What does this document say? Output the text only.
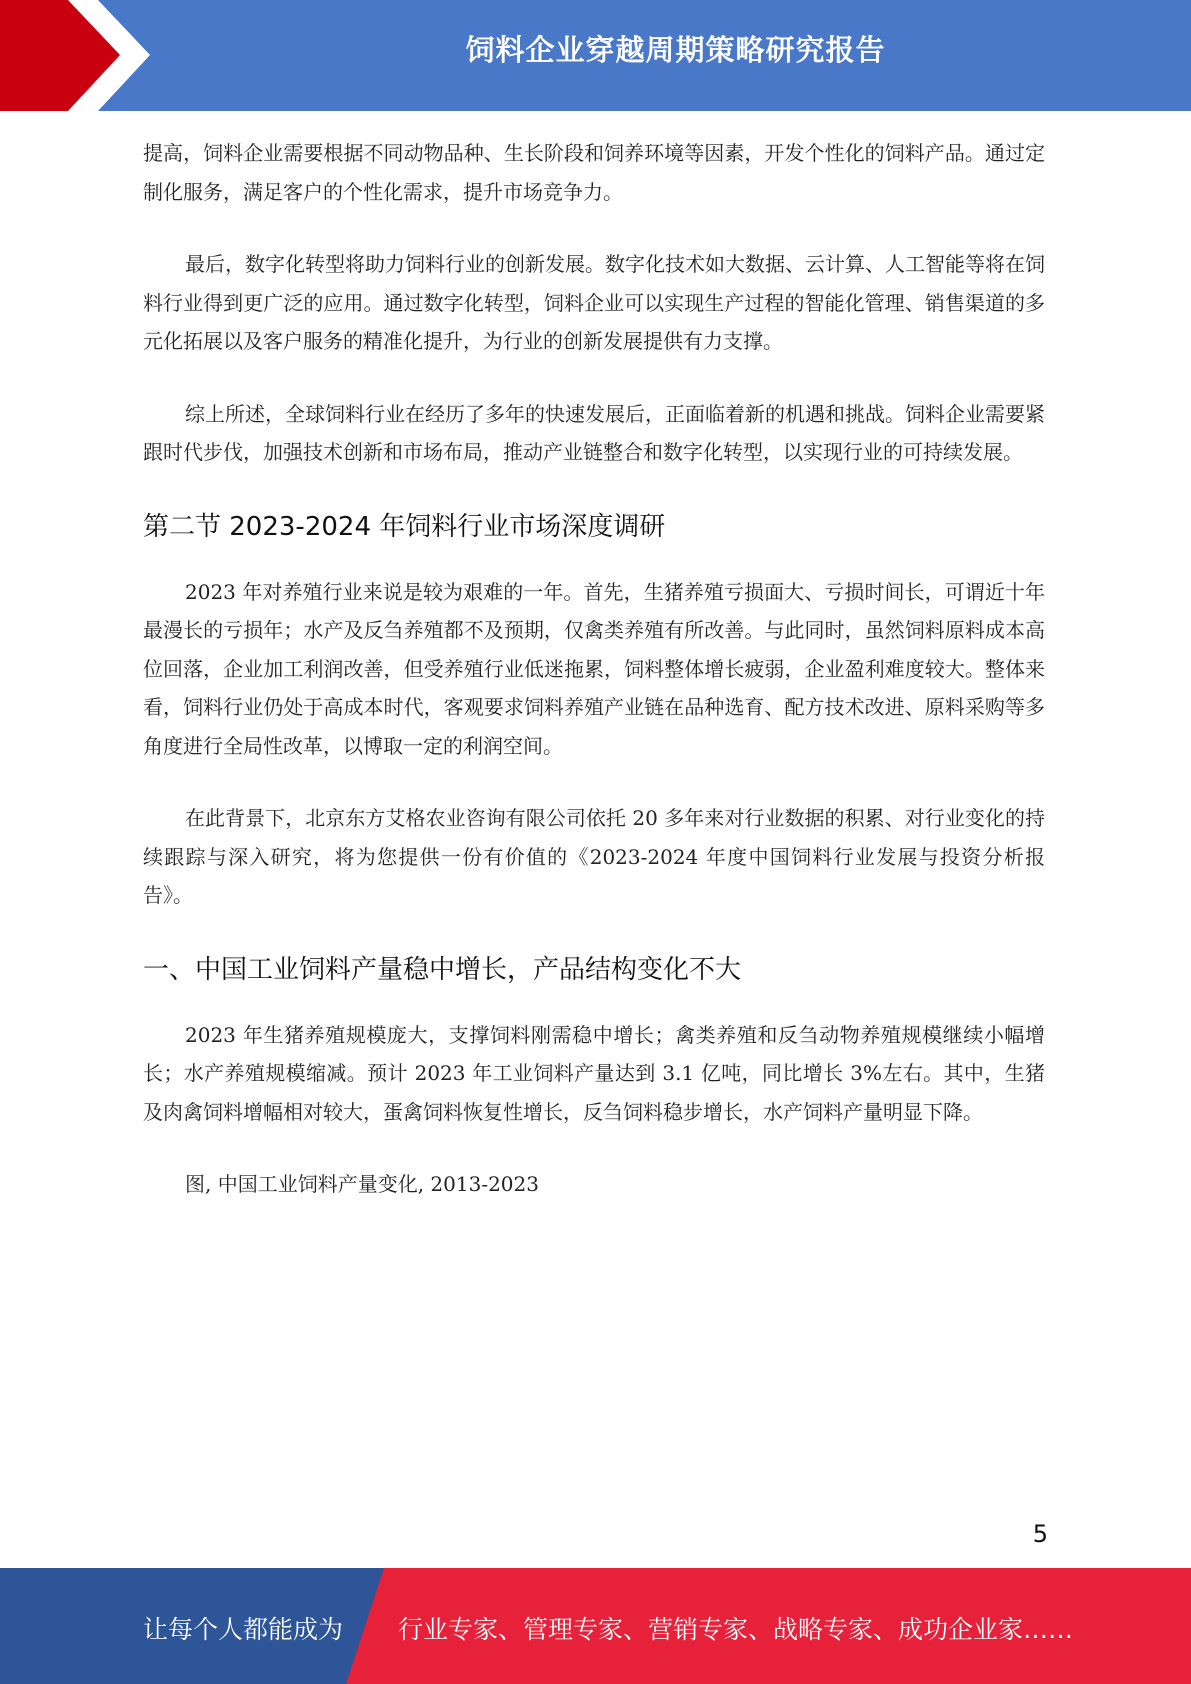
饲料企业穿越周期策略研究报告

提高，饲料企业需要根据不同动物品种、生长阶段和饲养环境等因素，开发个性化的饲料产品。通过定制化服务，满足客户的个性化需求，提升市场竞争力。

最后，数字化转型将助力饲料行业的创新发展。数字化技术如大数据、云计算、人工智能等将在饲料行业得到更广泛的应用。通过数字化转型，饲料企业可以实现生产过程的智能化管理、销售渠道的多元化拓展以及客户服务的精准化提升，为行业的创新发展提供有力支撑。

综上所述，全球饲料行业在经历了多年的快速发展后，正面临着新的机遇和挑战。饲料企业需要紧跟时代步伐，加强技术创新和市场布局，推动产业链整合和数字化转型，以实现行业的可持续发展。

第二节 2023-2024 年饲料行业市场深度调研

2023 年对养殖行业来说是较为艰难的一年。首先，生猪养殖亏损面大、亏损时间长，可谓近十年最漫长的亏损年；水产及反刍养殖都不及预期，仅禽类养殖有所改善。与此同时，虽然饲料原料成本高位回落，企业加工利润改善，但受养殖行业低迷拖累，饲料整体增长疲弱，企业盈利难度较大。整体来看，饲料行业仍处于高成本时代，客观要求饲料养殖产业链在品种选育、配方技术改进、原料采购等多角度进行全局性改革，以博取一定的利润空间。

在此背景下，北京东方艾格农业咨询有限公司依托 20 多年来对行业数据的积累、对行业变化的持续跟踪与深入研究，将为您提供一份有价值的《2023-2024 年度中国饲料行业发展与投资分析报告》。

一、中国工业饲料产量稳中增长，产品结构变化不大

2023 年生猪养殖规模庞大，支撑饲料刚需稳中增长；禽类养殖和反刍动物养殖规模继续小幅增长；水产养殖规模缩减。预计 2023 年工业饲料产量达到 3.1 亿吨，同比增长 3%左右。其中，生猪及肉禽饲料增幅相对较大，蛋禽饲料恢复性增长，反刍饲料稳步增长，水产饲料产量明显下降。

图, 中国工业饲料产量变化, 2013-2023
5
让每个人都能成为 行业专家、管理专家、营销专家、战略专家、成功企业家……
